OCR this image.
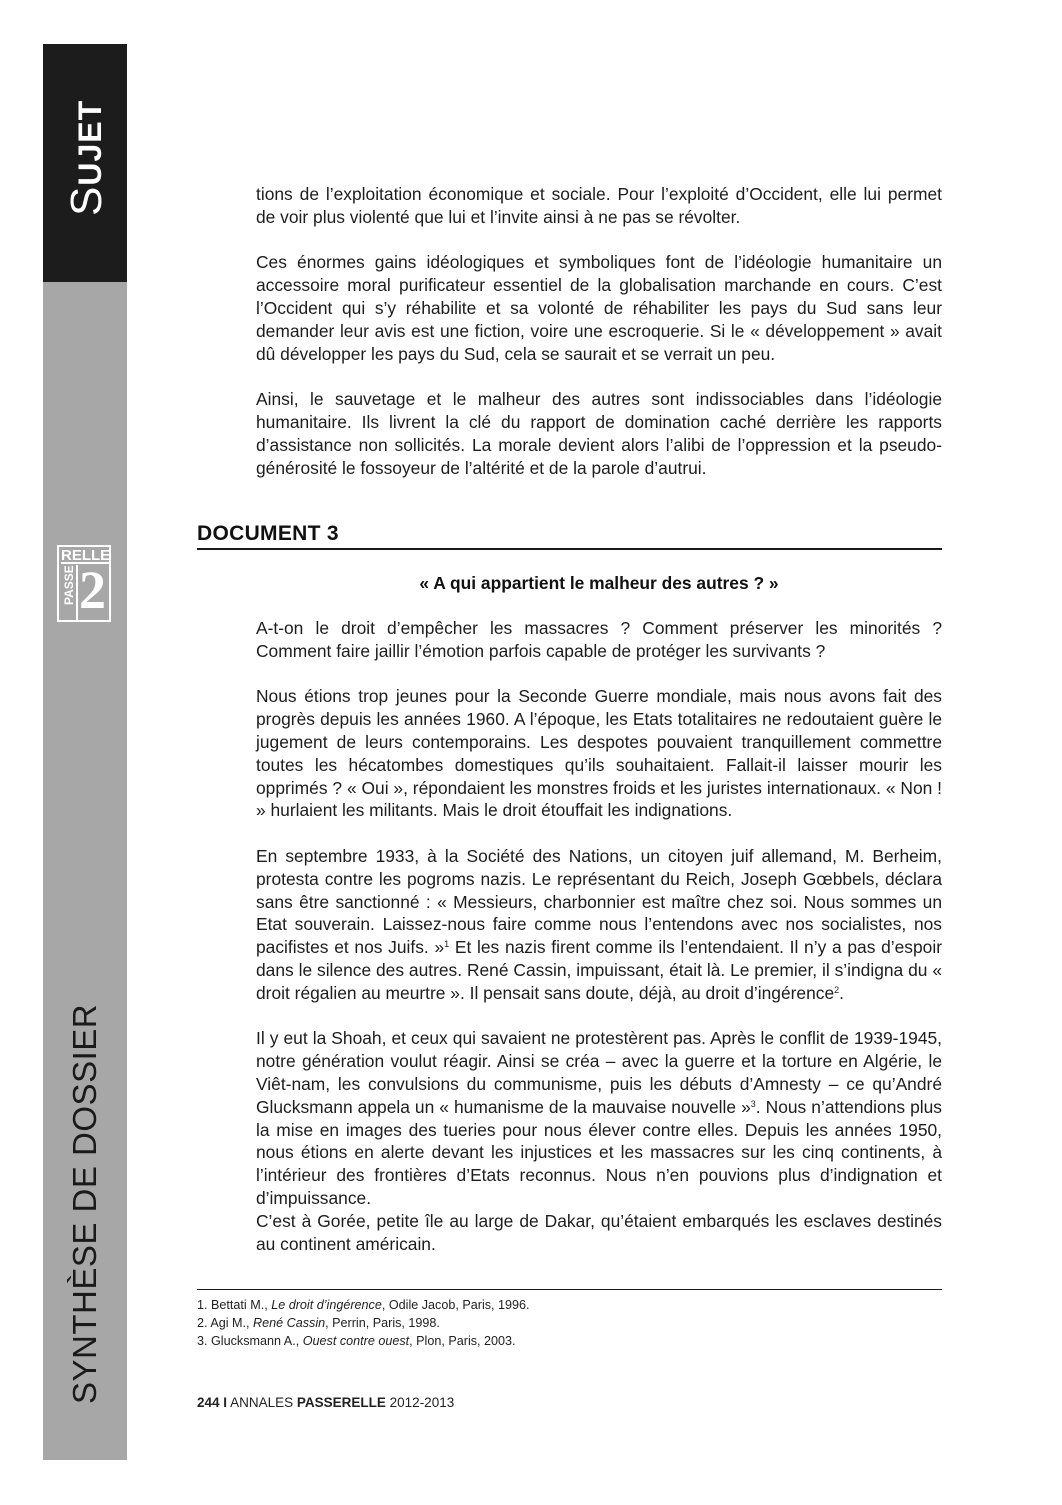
SUJET
RELLE
PASSE 2
SYNTHÈSE DE DOSSIER

tions de l’exploitation économique et sociale. Pour l’exploité d’Occident, elle lui permet de voir plus violenté que lui et l’invite ainsi à ne pas se révolter.

Ces énormes gains idéologiques et symboliques font de l’idéologie humanitaire un accessoire moral purificateur essentiel de la globalisation marchande en cours. C’est l’Occident qui s’y réhabilite et sa volonté de réhabiliter les pays du Sud sans leur demander leur avis est une fiction, voire une escroquerie. Si le « développement » avait dû développer les pays du Sud, cela se saurait et se verrait un peu.

Ainsi, le sauvetage et le malheur des autres sont indissociables dans l’idéologie humanitaire. Ils livrent la clé du rapport de domination caché derrière les rapports d’assistance non sollicités. La morale devient alors l’alibi de l’oppression et la pseudo-générosité le fossoyeur de l’altérité et de la parole d’autrui.

DOCUMENT 3
« A qui appartient le malheur des autres ? »

A-t-on le droit d’empêcher les massacres ? Comment préserver les minorités ? Comment faire jaillir l’émotion parfois capable de protéger les survivants ?

Nous étions trop jeunes pour la Seconde Guerre mondiale, mais nous avons fait des progrès depuis les années 1960. A l’époque, les Etats totalitaires ne redoutaient guère le jugement de leurs contemporains. Les despotes pouvaient tranquillement commettre toutes les hécatombes domestiques qu’ils souhaitaient. Fallait-il laisser mourir les opprimés ? « Oui », répondaient les monstres froids et les juristes internationaux. « Non ! » hurlaient les militants. Mais le droit étouffait les indignations.

En septembre 1933, à la Société des Nations, un citoyen juif allemand, M. Berheim, protesta contre les pogroms nazis. Le représentant du Reich, Joseph Gœbbels, déclara sans être sanctionné : « Messieurs, charbonnier est maître chez soi. Nous sommes un Etat souverain. Laissez-nous faire comme nous l’entendons avec nos socialistes, nos pacifistes et nos Juifs. »$^1$ Et les nazis firent comme ils l’entendaient. Il n’y a pas d’espoir dans le silence des autres. René Cassin, impuissant, était là. Le premier, il s’indigna du « droit régalien au meurtre ». Il pensait sans doute, déjà, au droit d’ingérence$^2$.

Il y eut la Shoah, et ceux qui savaient ne protestèrent pas. Après le conflit de 1939-1945, notre génération voulut réagir. Ainsi se créa – avec la guerre et la torture en Algérie, le Viêt-nam, les convulsions du communisme, puis les débuts d’Amnesty – ce qu’André Glucksmann appela un « humanisme de la mauvaise nouvelle »$^3$. Nous n’attendions plus la mise en images des tueries pour nous élever contre elles. Depuis les années 1950, nous étions en alerte devant les injustices et les massacres sur les cinq continents, à l’intérieur des frontières d’Etats reconnus. Nous n’en pouvions plus d’indignation et d’impuissance.

C’est à Gorée, petite île au large de Dakar, qu’étaient embarqués les esclaves destinés au continent américain.

1. Bettati M., Le droit d’ingérence, Odile Jacob, Paris, 1996.
2. Agi M., René Cassin, Perrin, Paris, 1998.
3. Glucksmann A., Ouest contre ouest, Plon, Paris, 2003.
244 I ANNALES PASSERELLE 2012-2013
